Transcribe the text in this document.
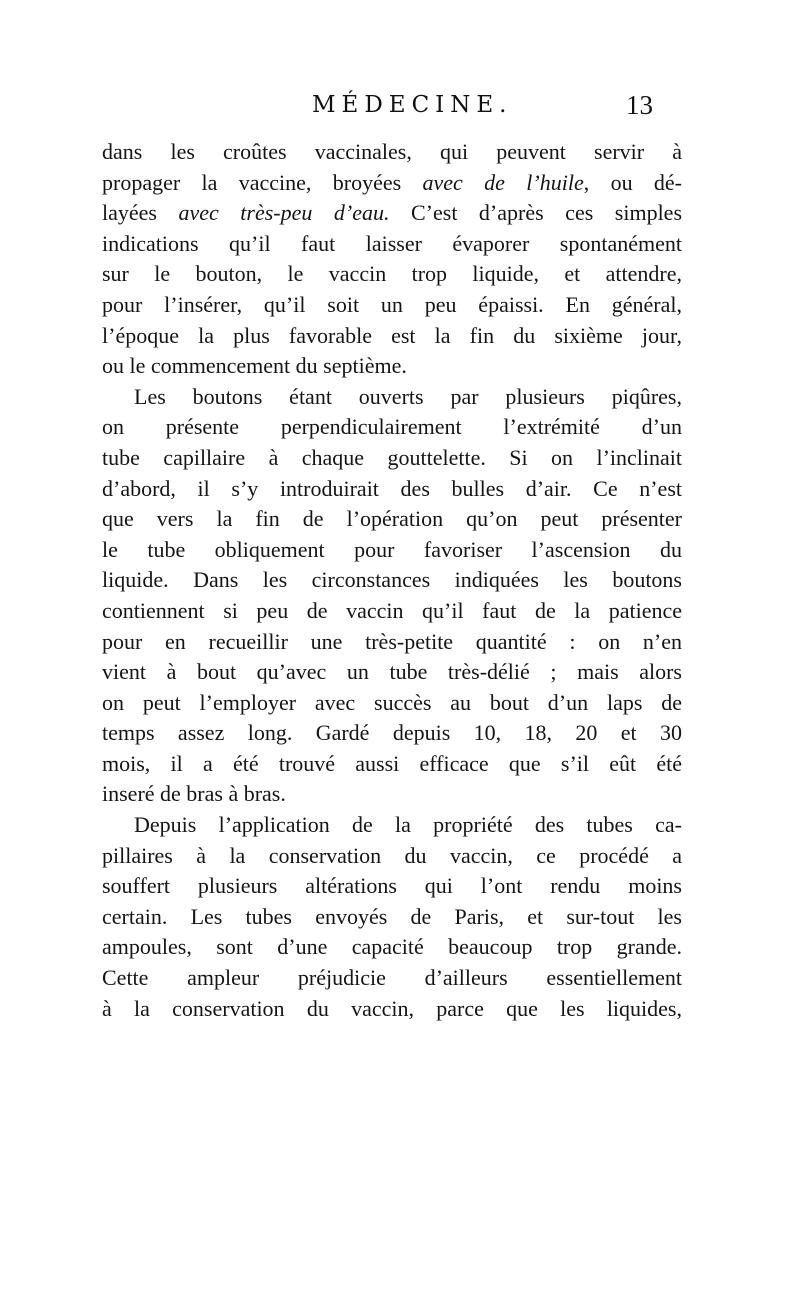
MÉDECINE.	13
dans les croûtes vaccinales, qui peuvent servir à
propager la vaccine, broyées avec de l’huile, ou dé-
layées avec très-peu d’eau. C’est d’après ces simples
indications qu’il faut laisser évaporer spontanément
sur le bouton, le vaccin trop liquide, et attendre,
pour l’insérer, qu’il soit un peu épaissi. En général,
l’époque la plus favorable est la fin du sixième jour,
ou le commencement du septième.
Les boutons étant ouverts par plusieurs piqûres,
on présente perpendiculairement l’extrémité d’un
tube capillaire à chaque gouttelette. Si on l’inclinait
d’abord, il s’y introduirait des bulles d’air. Ce n’est
que vers la fin de l’opération qu’on peut présenter
le tube obliquement pour favoriser l’ascension du
liquide. Dans les circonstances indiquées les boutons
contiennent si peu de vaccin qu’il faut de la patience
pour en recueillir une très-petite quantité : on n’en
vient à bout qu’avec un tube très-délié ; mais alors
on peut l’employer avec succès au bout d’un laps de
temps assez long. Gardé depuis 10, 18, 20 et 30
mois, il a été trouvé aussi efficace que s’il eût été
inseré de bras à bras.
Depuis l’application de la propriété des tubes ca-
pillaires à la conservation du vaccin, ce procédé a
souffert plusieurs altérations qui l’ont rendu moins
certain. Les tubes envoyés de Paris, et sur-tout les
ampoules, sont d’une capacité beaucoup trop grande.
Cette ampleur préjudicie d’ailleurs essentiellement
à la conservation du vaccin, parce que les liquides,
